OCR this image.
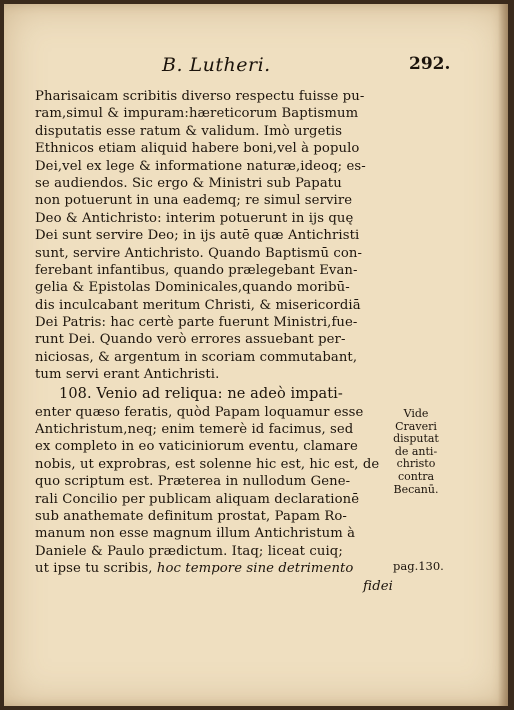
B. Lutheri.	292.
Pharisaicam scribitis diverso respectu fuisse pu-
ram,simul & impuram:hæreticorum Baptismum
disputatis esse ratum & validum. Imò urgetis
Ethnicos etiam aliquid habere boni,vel à populo
Dei,vel ex lege & informatione naturæ,ideoq; es-
se audiendos. Sic ergo & Ministri sub Papatu
non potuerunt in una eademq; re simul servire
Deo & Antichristo: interim potuerunt in ijs quę
Dei sunt servire Deo; in ijs autē quæ Antichristi
sunt, servire Antichristo. Quando Baptismū con-
ferebant infantibus, quando prælegebant Evan-
gelia & Epistolas Dominicales,quando moribū-
dis inculcabant meritum Christi, & misericordiā
Dei Patris: hac certè parte fuerunt Ministri,fue-
runt Dei. Quando verò errores assuebant per-
niciosas, & argentum in scoriam commutabant,
tum servi erant Antichristi.
108. Venio ad reliqua: ne adeò impati-
enter quæso feratis, quòd Papam loquamur esse
Antichristum,neq; enim temerè id facimus, sed
ex completo in eo vaticiniorum eventu, clamare
nobis, ut exprobras, est solenne hic est, hic est, de
quo scriptum est. Præterea in nullodum Gene-
rali Concilio per publicam aliquam declarationē
sub anathemate definitum prostat, Papam Ro-
manum non esse magnum illum Antichristum à
Daniele & Paulo prædictum. Itaq; liceat cuiq;
ut ipse tu scribis, hoc tempore sine detrimento
fidei
Vide
Craveri
disputat
de anti-
christo
contra
Becanū.
pag.130.
